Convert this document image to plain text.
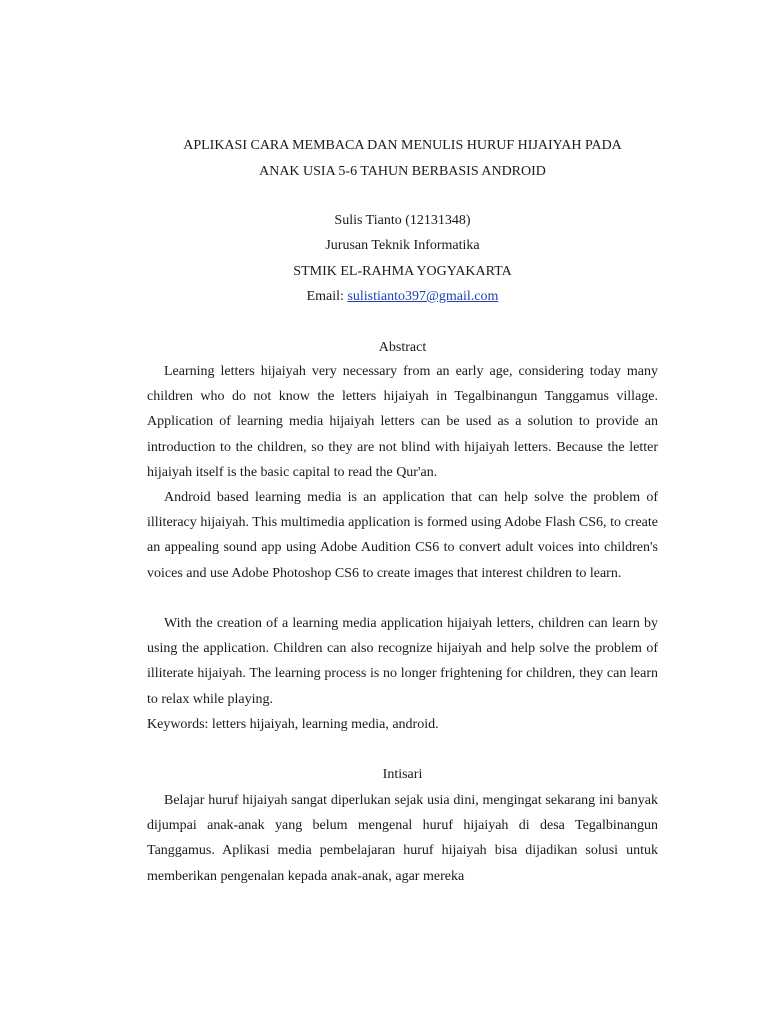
APLIKASI CARA MEMBACA DAN MENULIS HURUF HIJAIYAH PADA
ANAK USIA 5-6 TAHUN BERBASIS ANDROID
Sulis Tianto (12131348)
Jurusan Teknik Informatika
STMIK EL-RAHMA YOGYAKARTA
Email: sulistianto397@gmail.com
Abstract

Learning letters hijaiyah very necessary from an early age, considering today many children who do not know the letters hijaiyah in Tegalbinangun Tanggamus village. Application of learning media hijaiyah letters can be used as a solution to provide an introduction to the children, so they are not blind with hijaiyah letters. Because the letter hijaiyah itself is the basic capital to read the Qur'an.

Android based learning media is an application that can help solve the problem of illiteracy hijaiyah. This multimedia application is formed using Adobe Flash CS6, to create an appealing sound app using Adobe Audition CS6 to convert adult voices into children's voices and use Adobe Photoshop CS6 to create images that interest children to learn.

With the creation of a learning media application hijaiyah letters, children can learn by using the application. Children can also recognize hijaiyah and help solve the problem of illiterate hijaiyah. The learning process is no longer frightening for children, they can learn to relax while playing.

Keywords: letters hijaiyah, learning media, android.

Intisari

Belajar huruf hijaiyah sangat diperlukan sejak usia dini, mengingat sekarang ini banyak dijumpai anak-anak yang belum mengenal huruf hijaiyah di desa Tegalbinangun Tanggamus. Aplikasi media pembelajaran huruf hijaiyah bisa dijadikan solusi untuk memberikan pengenalan kepada anak-anak, agar mereka
